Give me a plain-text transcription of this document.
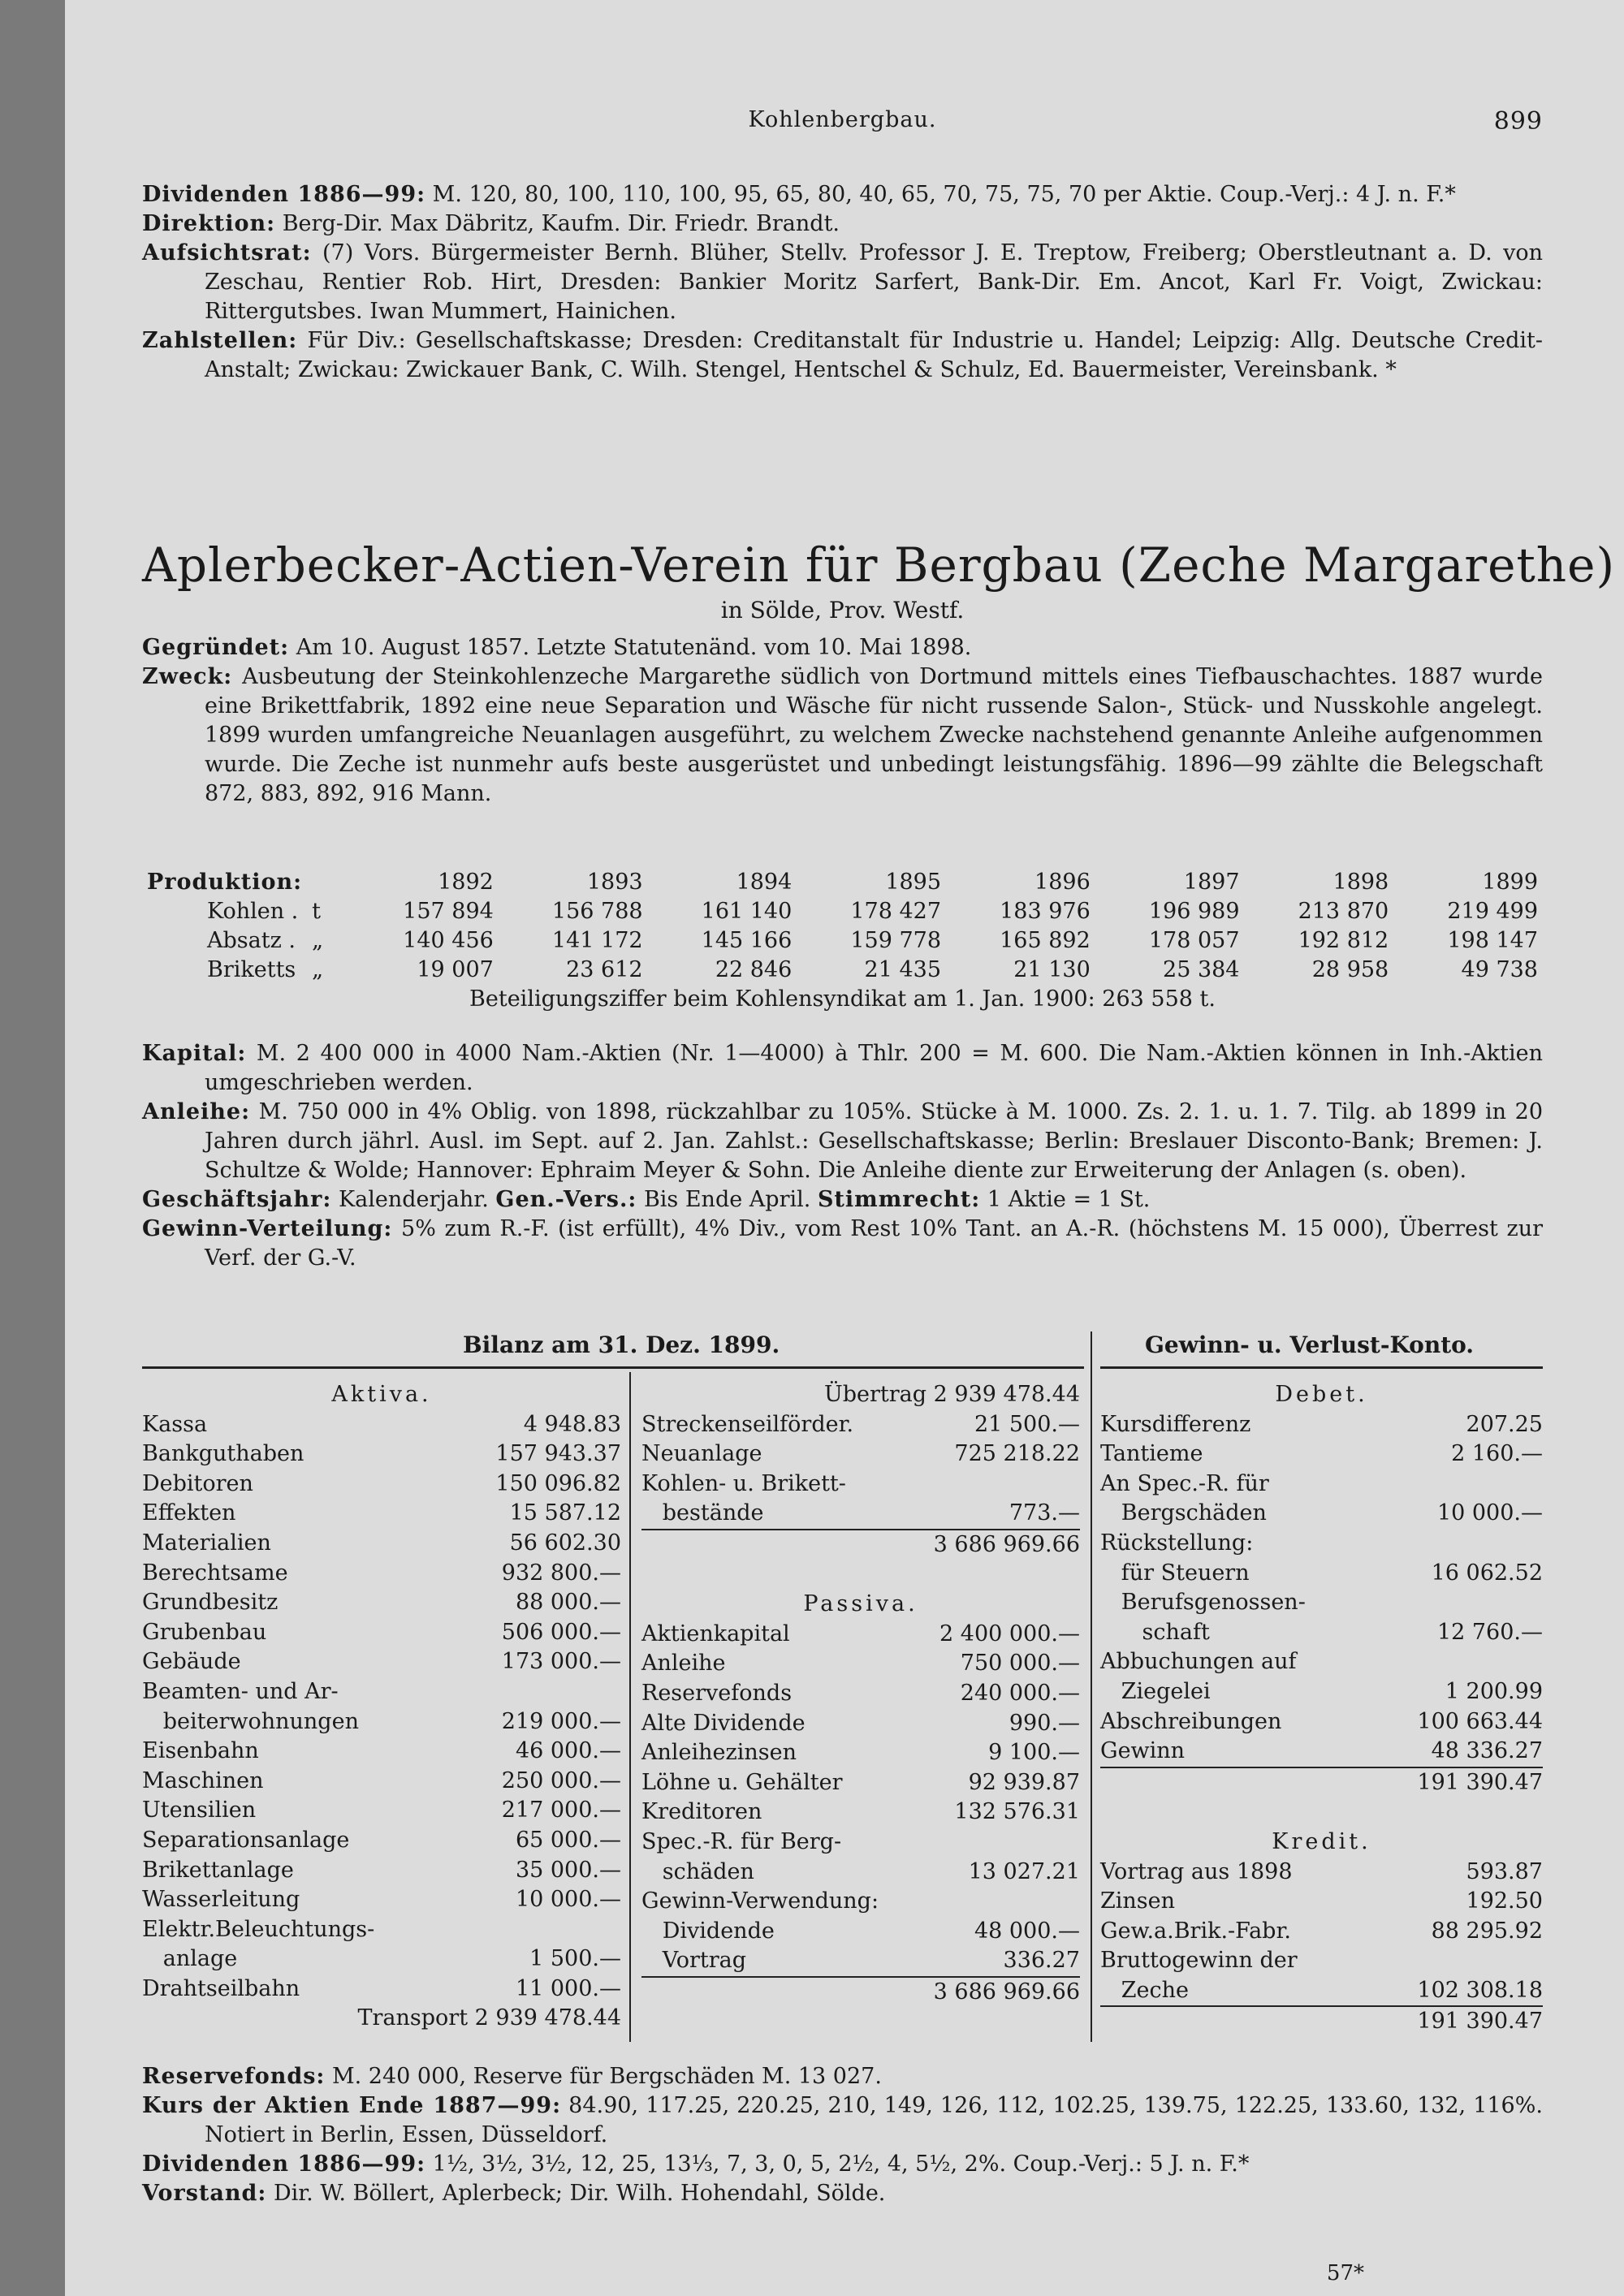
Kohlenbergbau.	899

Dividenden 1886—99: M. 120, 80, 100, 110, 100, 95, 65, 80, 40, 65, 70, 75, 75, 70 per Aktie. Coup.-Verj.: 4 J. n. F.*

Direktion: Berg-Dir. Max Däbritz, Kaufm. Dir. Friedr. Brandt.

Aufsichtsrat: (7) Vors. Bürgermeister Bernh. Blüher, Stellv. Professor J. E. Treptow, Freiberg; Oberstleutnant a. D. von Zeschau, Rentier Rob. Hirt, Dresden: Bankier Moritz Sarfert, Bank-Dir. Em. Ancot, Karl Fr. Voigt, Zwickau: Rittergutsbes. Iwan Mummert, Hainichen.

Zahlstellen: Für Div.: Gesellschaftskasse; Dresden: Creditanstalt für Industrie u. Handel; Leipzig: Allg. Deutsche Credit-Anstalt; Zwickau: Zwickauer Bank, C. Wilh. Stengel, Hentschel & Schulz, Ed. Bauermeister, Vereinsbank. *

Aplerbecker-Actien-Verein für Bergbau (Zeche Margarethe)
in Sölde, Prov. Westf.

Gegründet: Am 10. August 1857. Letzte Statutenänd. vom 10. Mai 1898.

Zweck: Ausbeutung der Steinkohlenzeche Margarethe südlich von Dortmund mittels eines Tiefbauschachtes. 1887 wurde eine Brikettfabrik, 1892 eine neue Separation und Wäsche für nicht russende Salon-, Stück- und Nusskohle angelegt. 1899 wurden umfangreiche Neuanlagen ausgeführt, zu welchem Zwecke nachstehend genannte Anleihe aufgenommen wurde. Die Zeche ist nunmehr aufs beste ausgerüstet und unbedingt leistungsfähig. 1896—99 zählte die Belegschaft 872, 883, 892, 916 Mann.

Produktion:		1892	1893	1894	1895	1896	1897	1898	1899
Kohlen .	t	157 894	156 788	161 140	178 427	183 976	196 989	213 870	219 499
Absatz .	„	140 456	141 172	145 166	159 778	165 892	178 057	192 812	198 147
Briketts	„	19 007	23 612	22 846	21 435	21 130	25 384	28 958	49 738
Beteiligungsziffer beim Kohlensyndikat am 1. Jan. 1900: 263 558 t.									

Kapital: M. 2 400 000 in 4000 Nam.-Aktien (Nr. 1—4000) à Thlr. 200 = M. 600. Die Nam.-Aktien können in Inh.-Aktien umgeschrieben werden.

Anleihe: M. 750 000 in 4% Oblig. von 1898, rückzahlbar zu 105%. Stücke à M. 1000. Zs. 2. 1. u. 1. 7. Tilg. ab 1899 in 20 Jahren durch jährl. Ausl. im Sept. auf 2. Jan. Zahlst.: Gesellschaftskasse; Berlin: Breslauer Disconto-Bank; Bremen: J. Schultze & Wolde; Hannover: Ephraim Meyer & Sohn. Die Anleihe diente zur Erweiterung der Anlagen (s. oben).

Geschäftsjahr: Kalenderjahr. Gen.-Vers.: Bis Ende April. Stimmrecht: 1 Aktie = 1 St.

Gewinn-Verteilung: 5% zum R.-F. (ist erfüllt), 4% Div., vom Rest 10% Tant. an A.-R. (höchstens M. 15 000), Überrest zur Verf. der G.-V.

Bilanz am 31. Dez. 1899.	Gewinn- u. Verlust-Konto.
Aktiva.
Kassa	4 948.83
Bankguthaben	157 943.37
Debitoren	150 096.82
Effekten	15 587.12
Materialien	56 602.30
Berechtsame	932 800.—
Grundbesitz	88 000.—
Grubenbau	506 000.—
Gebäude	173 000.—
Beamten- und Ar-
beiterwohnungen	219 000.—
Eisenbahn	46 000.—
Maschinen	250 000.—
Utensilien	217 000.—
Separationsanlage	65 000.—
Brikettanlage	35 000.—
Wasserleitung	10 000.—
Elektr.Beleuchtungs-
anlage	1 500.—
Drahtseilbahn	11 000.—
Transport 2 939 478.44
Übertrag 2 939 478.44
Streckenseilförder.	21 500.—
Neuanlage	725 218.22
Kohlen- u. Brikett-
bestände	773.—
3 686 969.66
Passiva.
Aktienkapital	2 400 000.—
Anleihe	750 000.—
Reservefonds	240 000.—
Alte Dividende	990.—
Anleihezinsen	9 100.—
Löhne u. Gehälter	92 939.87
Kreditoren	132 576.31
Spec.-R. für Berg-
schäden	13 027.21
Gewinn-Verwendung:
Dividende	48 000.—
Vortrag	336.27
3 686 969.66
Debet.
Kursdifferenz	207.25
Tantieme	2 160.—
An Spec.-R. für
Bergschäden	10 000.—
Rückstellung:
für Steuern	16 062.52
Berufsgenossen-
schaft	12 760.—
Abbuchungen auf
Ziegelei	1 200.99
Abschreibungen	100 663.44
Gewinn	48 336.27
191 390.47
Kredit.
Vortrag aus 1898	593.87
Zinsen	192.50
Gew.a.Brik.-Fabr.	88 295.92
Bruttogewinn der
Zeche	102 308.18
191 390.47

Reservefonds: M. 240 000, Reserve für Bergschäden M. 13 027.

Kurs der Aktien Ende 1887—99: 84.90, 117.25, 220.25, 210, 149, 126, 112, 102.25, 139.75, 122.25, 133.60, 132, 116%. Notiert in Berlin, Essen, Düsseldorf.

Dividenden 1886—99: 1½, 3½, 3½, 12, 25, 13⅓, 7, 3, 0, 5, 2½, 4, 5½, 2%. Coup.-Verj.: 5 J. n. F.*

Vorstand: Dir. W. Böllert, Aplerbeck; Dir. Wilh. Hohendahl, Sölde.

57*
